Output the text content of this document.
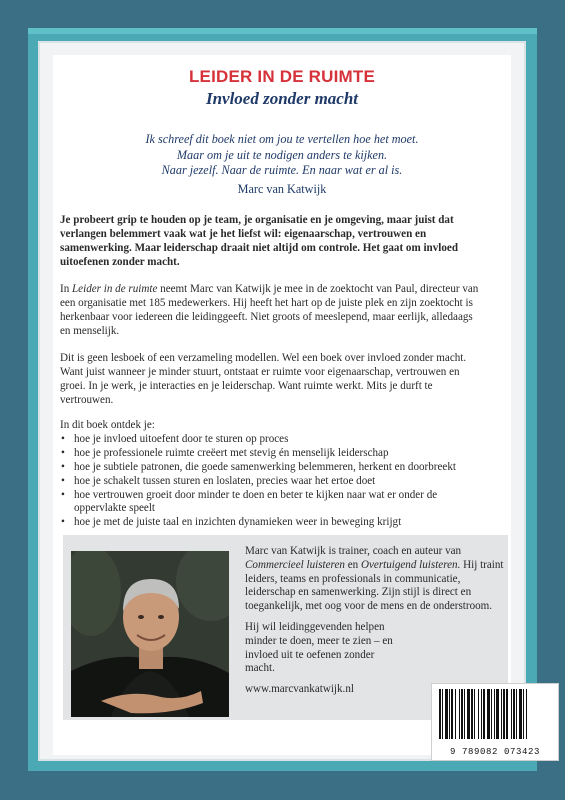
LEIDER IN DE RUIMTE
Invloed zonder macht
Ik schreef dit boek niet om jou te vertellen hoe het moet.
Maar om je uit te nodigen anders te kijken.
Naar jezelf. Naar de ruimte. En naar wat er al is.
Marc van Katwijk

Je probeert grip te houden op je team, je organisatie en je omgeving, maar juist dat verlangen belemmert vaak wat je het liefst wil: eigenaarschap, vertrouwen en samenwerking. Maar leiderschap draait niet altijd om controle. Het gaat om invloed uitoefenen zonder macht.

In Leider in de ruimte neemt Marc van Katwijk je mee in de zoektocht van Paul, directeur van een organisatie met 185 medewerkers. Hij heeft het hart op de juiste plek en zijn zoektocht is herkenbaar voor iedereen die leidinggeeft. Niet groots of meeslepend, maar eerlijk, alledaags en menselijk.

Dit is geen lesboek of een verzameling modellen. Wel een boek over invloed zonder macht. Want juist wanneer je minder stuurt, ontstaat er ruimte voor eigenaarschap, vertrouwen en groei. In je werk, je interacties en je leiderschap. Want ruimte werkt. Mits je durft te vertrouwen.

In dit boek ontdek je:

• hoe je invloed uitoefent door te sturen op proces
• hoe je professionele ruimte creëert met stevig én menselijk leiderschap
• hoe je subtiele patronen, die goede samenwerking belemmeren, herkent en doorbreekt
• hoe je schakelt tussen sturen en loslaten, precies waar het ertoe doet
• hoe vertrouwen groeit door minder te doen en beter te kijken naar wat er onder de oppervlakte speelt
• hoe je met de juiste taal en inzichten dynamieken weer in beweging krijgt

Marc van Katwijk is trainer, coach en auteur van Commercieel luisteren en Overtuigend luisteren. Hij traint leiders, teams en professionals in communicatie, leiderschap en samenwerking. Zijn stijl is direct en toegankelijk, met oog voor de mens en de onderstroom.

Hij wil leidinggevenden helpen minder te doen, meer te zien – en invloed uit te oefenen zonder macht.

www.marcvankatwijk.nl

9 789082 073423
